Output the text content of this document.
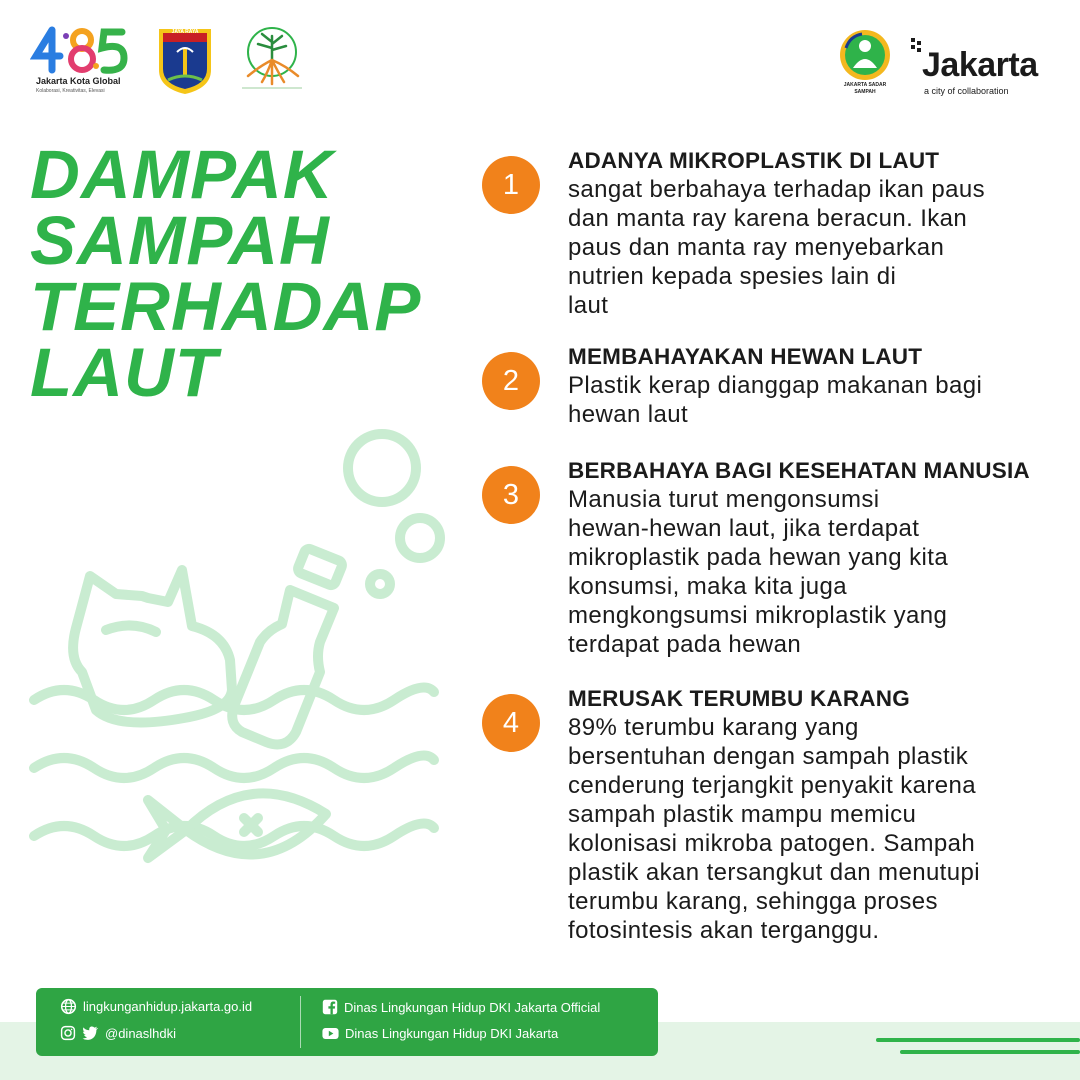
Jakarta Kota Global
Kolaborasi, Kreativitas, Elevasi
JAYA RAYA
JAKARTA SADAR SAMPAH
Jakarta
a city of collaboration
DAMPAK
SAMPAH
TERHADAP
LAUT
1
ADANYA MIKROPLASTIK DI LAUT
sangat berbahaya terhadap ikan paus
dan manta ray karena beracun. Ikan
paus dan manta ray menyebarkan
nutrien kepada spesies lain di
laut
2
MEMBAHAYAKAN HEWAN LAUT
Plastik kerap dianggap makanan bagi
hewan laut
3
BERBAHAYA BAGI KESEHATAN MANUSIA
Manusia turut mengonsumsi
hewan-hewan laut, jika terdapat
mikroplastik pada hewan yang kita
konsumsi, maka kita juga
mengkongsumsi mikroplastik yang
terdapat pada hewan
4
MERUSAK TERUMBU KARANG
89% terumbu karang yang
bersentuhan dengan sampah plastik
cenderung terjangkit penyakit karena
sampah plastik mampu memicu
kolonisasi mikroba patogen. Sampah
plastik akan tersangkut dan menutupi
terumbu karang, sehingga proses
fotosintesis akan terganggu.
lingkunganhidup.jakarta.go.id
@dinaslhdki
Dinas Lingkungan Hidup DKI Jakarta Official
Dinas Lingkungan Hidup DKI Jakarta
